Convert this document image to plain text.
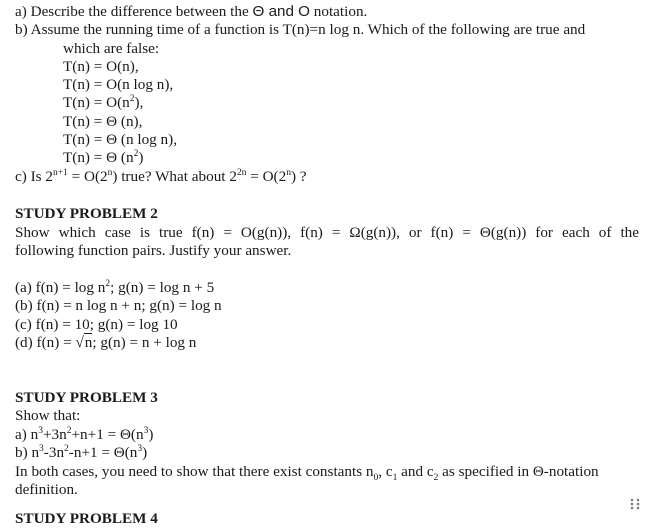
a) Describe the difference between the Θ and O notation.
b) Assume the running time of a function is T(n)=n log n. Which of the following are true and
which are false:
T(n) = O(n),
T(n) = O(n log n),
$T(n) = O(n^2)$,
T(n) = Θ (n),
T(n) = Θ (n log n),
T(n) = Θ $(n^2)$
c) Is $2^{n+1} = O(2^n)$ true? What about $2^{2n} = O(2^n)$ ?
STUDY PROBLEM 2
Show which case is true f(n) = O(g(n)), f(n) = Ω(g(n)), or f(n) = Θ(g(n)) for each of the
following function pairs. Justify your answer.
(a) $f(n) = \log n^2$; g(n) = log n + 5
(b) f(n) = n log n + n; g(n) = log n
(c) f(n) = 10; g(n) = log 10
(d) f(n) = √n; g(n) = n + log n
STUDY PROBLEM 3
Show that:
a) $n^3+3n^2+n+1 = \Theta(n^3)$
b) $n^3-3n^2-n+1 = \Theta(n^3)$
In both cases, you need to show that there exist constants $n_0$, $c_1$ and $c_2$ as specified in Θ-notation
definition.
STUDY PROBLEM 4
